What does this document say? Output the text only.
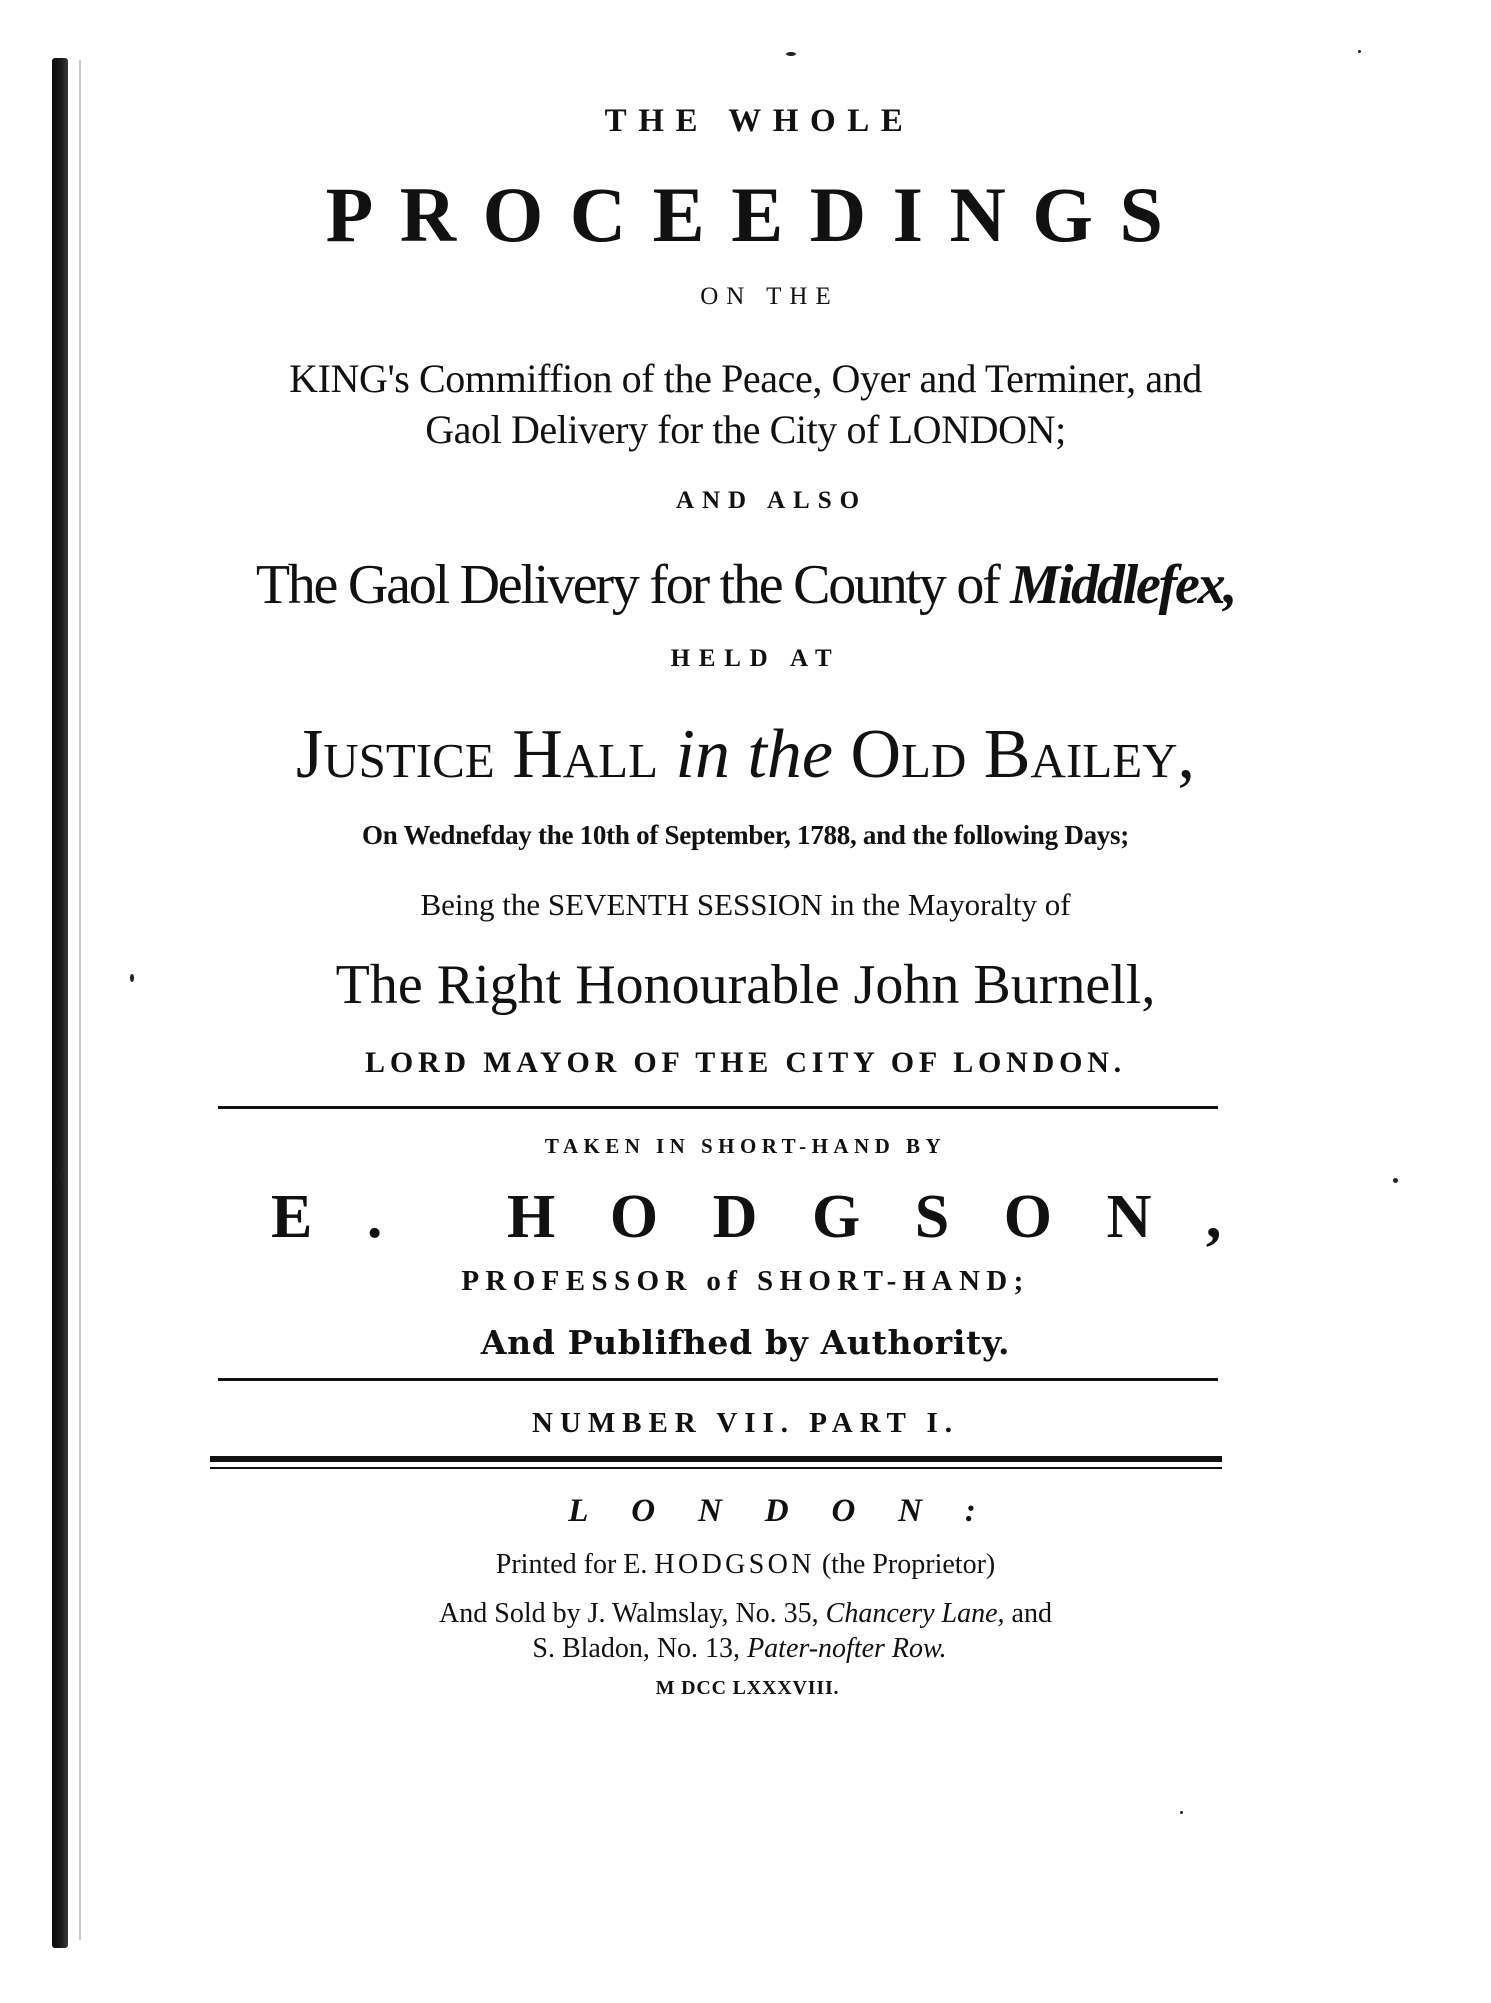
THE WHOLE
PROCEEDINGS
ON THE
KING's Commiffion of the Peace, Oyer and Terminer, and
Gaol Delivery for the City of LONDON;
AND ALSO
The Gaol Delivery for the County of Middlefex,
HELD AT
Justice Hall in the Old Bailey,
On Wednefday the 10th of September, 1788, and the following Days;
Being the SEVENTH SESSION in the Mayoralty of
The Right Honourable John Burnell,
LORD MAYOR OF THE CITY OF LONDON.
TAKEN IN SHORT-HAND BY
E. HODGSON,
PROFESSOR of SHORT-HAND;
And Publifhed by Authority.
NUMBER VII. PART I.
LONDON:
Printed for E. HODGSON (the Proprietor)
And Sold by J. Walmslay, No. 35, Chancery Lane, and
S. Bladon, No. 13, Pater-nofter Row.
M DCC LXXXVIII.
